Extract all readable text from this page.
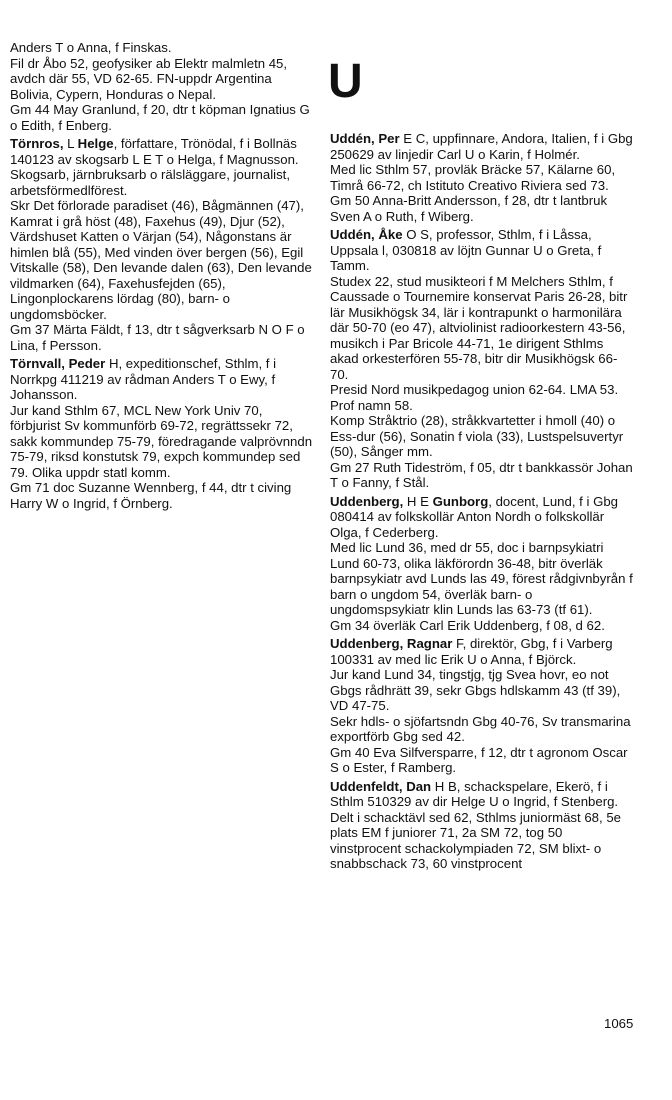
Anders T o Anna, f Finskas.

Fil dr Åbo 52, geofysiker ab Elektr malmletn 45, avdch där 55, VD 62-65. FN-uppdr Argentina Bolivia, Cypern, Honduras o Nepal.

Gm 44 May Granlund, f 20, dtr t köpman Ignatius G o Edith, f Enberg.

Törnros, L Helge, författare, Trönödal, f i Bollnäs 140123 av skogsarb L E T o Helga, f Magnusson.

Skogsarb, järnbruksarb o rälsläggare, journalist, arbetsförmedlförest.

Skr Det förlorade paradiset (46), Bågmännen (47), Kamrat i grå höst (48), Faxehus (49), Djur (52), Värdshuset Katten o Värjan (54), Någonstans är himlen blå (55), Med vinden över bergen (56), Egil Vitskalle (58), Den levande dalen (63), Den levande vildmarken (64), Faxehusfejden (65), Lingonplockarens lördag (80), barn- o ungdomsböcker.

Gm 37 Märta Fäldt, f 13, dtr t sågverksarb N O F o Lina, f Persson.

Törnvall, Peder H, expeditionschef, Sthlm, f i Norrkpg 411219 av rådman Anders T o Ewy, f Johansson.

Jur kand Sthlm 67, MCL New York Univ 70, förbjurist Sv kommunförb 69-72, regrättssekr 72, sakk kommundep 75-79, föredragande valprövnndn 75-79, riksd konstutsk 79, expch kommundep sed 79. Olika uppdr statl komm.

Gm 71 doc Suzanne Wennberg, f 44, dtr t civing Harry W o Ingrid, f Örnberg.

U

Uddén, Per E C, uppfinnare, Andora, Italien, f i Gbg 250629 av linjedir Carl U o Karin, f Holmér.

Med lic Sthlm 57, provläk Bräcke 57, Kälarne 60, Timrå 66-72, ch Istituto Creativo Riviera sed 73.

Gm 50 Anna-Britt Andersson, f 28, dtr t lantbruk Sven A o Ruth, f Wiberg.

Uddén, Åke O S, professor, Sthlm, f i Låssa, Uppsala l, 030818 av löjtn Gunnar U o Greta, f Tamm.

Studex 22, stud musikteori f M Melchers Sthlm, f Caussade o Tournemire konservat Paris 26-28, bitr lär Musikhögsk 34, lär i kontrapunkt o harmonilära där 50-70 (eo 47), altviolinist radioorkestern 43-56, musikch i Par Bricole 44-71, 1e dirigent Sthlms akad orkesterfören 55-78, bitr dir Musikhögsk 66-70.

Presid Nord musikpedagog union 62-64. LMA 53. Prof namn 58.

Komp Stråktrio (28), stråkkvartetter i hmoll (40) o Ess-dur (56), Sonatin f viola (33), Lustspelsuvertyr (50), Sånger mm.

Gm 27 Ruth Tideström, f 05, dtr t bankkassör Johan T o Fanny, f Stål.

Uddenberg, H E Gunborg, docent, Lund, f i Gbg 080414 av folkskollär Anton Nordh o folkskollär Olga, f Cederberg.

Med lic Lund 36, med dr 55, doc i barnpsykiatri Lund 60-73, olika läkförordn 36-48, bitr överläk barnpsykiatr avd Lunds las 49, förest rådgivnbyrån f barn o ungdom 54, överläk barn- o ungdomspsykiatr klin Lunds las 63-73 (tf 61).

Gm 34 överläk Carl Erik Uddenberg, f 08, d 62.

Uddenberg, Ragnar F, direktör, Gbg, f i Varberg 100331 av med lic Erik U o Anna, f Björck.

Jur kand Lund 34, tingstjg, tjg Svea hovr, eo not Gbgs rådhrätt 39, sekr Gbgs hdlskamm 43 (tf 39), VD 47-75.

Sekr hdls- o sjöfartsndn Gbg 40-76, Sv transmarina exportförb Gbg sed 42.

Gm 40 Eva Silfversparre, f 12, dtr t agronom Oscar S o Ester, f Ramberg.

Uddenfeldt, Dan H B, schackspelare, Ekerö, f i Sthlm 510329 av dir Helge U o Ingrid, f Stenberg.

Delt i schacktävl sed 62, Sthlms juniormäst 68, 5e plats EM f juniorer 71, 2a SM 72, tog 50 vinstprocent schackolympiaden 72, SM blixt- o snabbschack 73, 60 vinstprocent

1065
